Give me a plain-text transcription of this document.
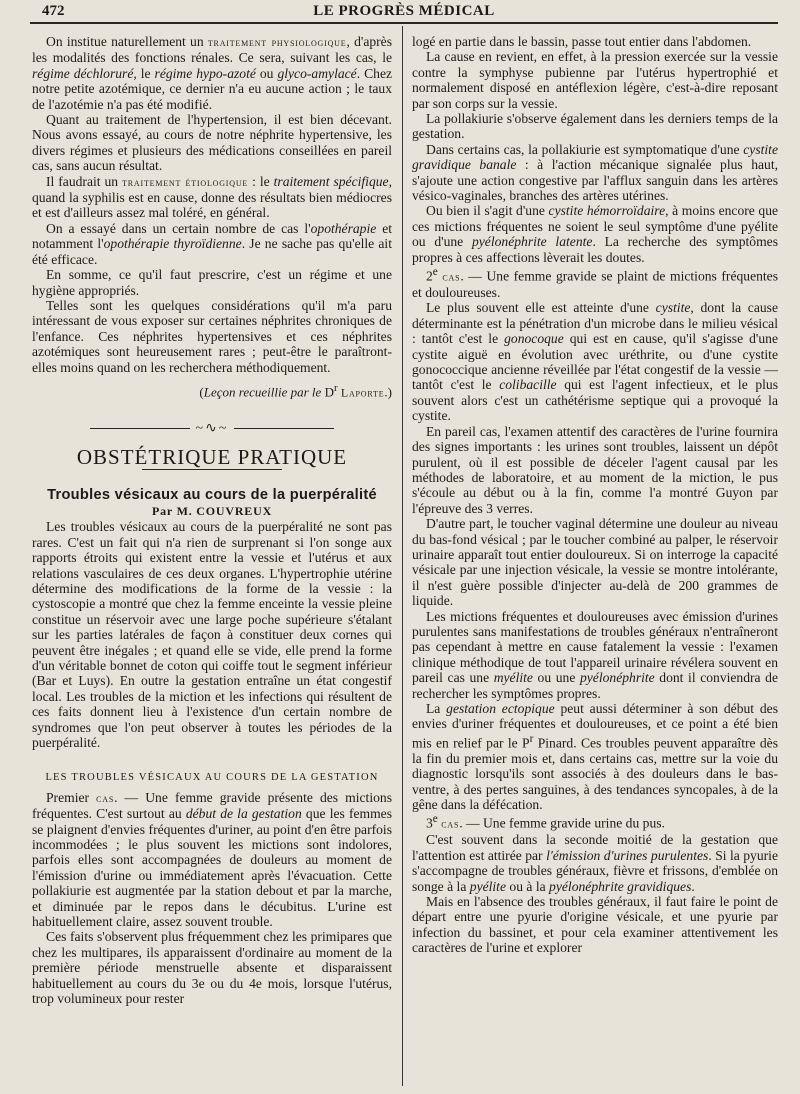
472	LE PROGRÈS MÉDICAL

On institue naturellement un traitement physiologique, d'après les modalités des fonctions rénales. Ce sera, suivant les cas, le régime déchloruré, le régime hypo-azoté ou glyco-amylacé. Chez notre petite azotémique, ce dernier n'a eu aucune action ; le taux de l'azotémie n'a pas été modifié.

Quant au traitement de l'hypertension, il est bien décevant. Nous avons essayé, au cours de notre néphrite hypertensive, les divers régimes et plusieurs des médications conseillées en pareil cas, sans aucun résultat.

Il faudrait un traitement étiologique : le traitement spécifique, quand la syphilis est en cause, donne des résultats bien médiocres et est d'ailleurs assez mal toléré, en général.

On a essayé dans un certain nombre de cas l'opothérapie et notamment l'opothérapie thyroïdienne. Je ne sache pas qu'elle ait été efficace.

En somme, ce qu'il faut prescrire, c'est un régime et une hygiène appropriés.

Telles sont les quelques considérations qu'il m'a paru intéressant de vous exposer sur certaines néphrites chroniques de l'enfance. Ces néphrites hypertensives et ces néphrites azotémiques sont heureusement rares ; peut-être le paraîtront-elles moins quand on les recherchera méthodiquement.

(Leçon recueillie par le $D^r$ Laporte.)

~∿~
OBSTÉTRIQUE PRATIQUE

Troubles vésicaux au cours de la puerpéralité

Par M. COUVREUX

Les troubles vésicaux au cours de la puerpéralité ne sont pas rares. C'est un fait qui n'a rien de surprenant si l'on songe aux rapports étroits qui existent entre la vessie et l'utérus et aux relations vasculaires de ces deux organes. L'hypertrophie utérine détermine des modifications de la forme de la vessie : la cystoscopie a montré que chez la femme enceinte la vessie pleine constitue un réservoir avec une large poche supérieure s'étalant sur les parties latérales de façon à constituer deux cornes qui peuvent être inégales ; et quand elle se vide, elle prend la forme d'un véritable bonnet de coton qui coiffe tout le segment inférieur (Bar et Luys). En outre la gestation entraîne un état congestif local. Les troubles de la miction et les infections qui résultent de ces faits donnent lieu à l'existence d'un certain nombre de syndromes que l'on peut observer à toutes les périodes de la puerpéralité.

LES TROUBLES VÉSICAUX AU COURS DE LA GESTATION

Premier cas. — Une femme gravide présente des mictions fréquentes. C'est surtout au début de la gestation que les femmes se plaignent d'envies fréquentes d'uriner, au point d'en être parfois incommodées ; le plus souvent les mictions sont indolores, parfois elles sont accompagnées de douleurs au moment de l'émission d'urine ou immédiatement après l'évacuation. Cette pollakiurie est augmentée par la station debout et par la marche, et diminuée par le repos dans le décubitus. L'urine est habituellement claire, assez souvent trouble.

Ces faits s'observent plus fréquemment chez les primipares que chez les multipares, ils apparaissent d'ordinaire au moment de la première période menstruelle absente et disparaissent habituellement au cours du 3e ou du 4e mois, lorsque l'utérus, trop volumineux pour rester

logé en partie dans le bassin, passe tout entier dans l'abdomen.

La cause en revient, en effet, à la pression exercée sur la vessie contre la symphyse pubienne par l'utérus hypertrophié et normalement disposé en antéflexion légère, c'est-à-dire reposant par son corps sur la vessie.

La pollakiurie s'observe également dans les derniers temps de la gestation.

Dans certains cas, la pollakiurie est symptomatique d'une cystite gravidique banale : à l'action mécanique signalée plus haut, s'ajoute une action congestive par l'afflux sanguin dans les artères vésico-vaginales, branches des artères utérines.

Ou bien il s'agit d'une cystite hémorroïdaire, à moins encore que ces mictions fréquentes ne soient le seul symptôme d'une pyélite ou d'une pyélonéphrite latente. La recherche des symptômes propres à ces affections lèverait les doutes.

2e cas. — Une femme gravide se plaint de mictions fréquentes et douloureuses.

Le plus souvent elle est atteinte d'une cystite, dont la cause déterminante est la pénétration d'un microbe dans le milieu vésical : tantôt c'est le gonocoque qui est en cause, qu'il s'agisse d'une cystite aiguë en évolution avec uréthrite, ou d'une cystite gonococcique ancienne réveillée par l'état congestif de la vessie — tantôt c'est le colibacille qui est l'agent infectieux, et le plus souvent alors c'est un cathétérisme septique qui a provoqué la cystite.

En pareil cas, l'examen attentif des caractères de l'urine fournira des signes importants : les urines sont troubles, laissent un dépôt purulent, où il est possible de déceler l'agent causal par les méthodes de laboratoire, et au moment de la miction, le pus s'écoule au début ou à la fin, comme l'a montré Guyon par l'épreuve des 3 verres.

D'autre part, le toucher vaginal détermine une douleur au niveau du bas-fond vésical ; par le toucher combiné au palper, le réservoir urinaire apparaît tout entier douloureux. Si on interroge la capacité vésicale par une injection vésicale, la vessie se montre intolérante, il n'est guère possible d'injecter au-delà de 200 grammes de liquide.

Les mictions fréquentes et douloureuses avec émission d'urines purulentes sans manifestations de troubles généraux n'entraîneront pas cependant à mettre en cause fatalement la vessie : l'examen clinique méthodique de tout l'appareil urinaire révélera souvent en pareil cas une myélite ou une pyélonéphrite dont il conviendra de rechercher les symptômes propres.

La gestation ectopique peut aussi déterminer à son début des envies d'uriner fréquentes et douloureuses, et ce point a été bien mis en relief par le $P^r$ Pinard. Ces troubles peuvent apparaître dès la fin du premier mois et, dans certains cas, mettre sur la voie du diagnostic lorsqu'ils sont associés à des douleurs dans le bas-ventre, à des pertes sanguines, à des tendances syncopales, à de la gêne dans la défécation.

3e cas. — Une femme gravide urine du pus.

C'est souvent dans la seconde moitié de la gestation que l'attention est attirée par l'émission d'urines purulentes. Si la pyurie s'accompagne de troubles généraux, fièvre et frissons, d'emblée on songe à la pyélite ou à la pyélonéphrite gravidiques.

Mais en l'absence des troubles généraux, il faut faire le point de départ entre une pyurie d'origine vésicale, et une pyurie par infection du bassinet, et pour cela examiner attentivement les caractères de l'urine et explorer
